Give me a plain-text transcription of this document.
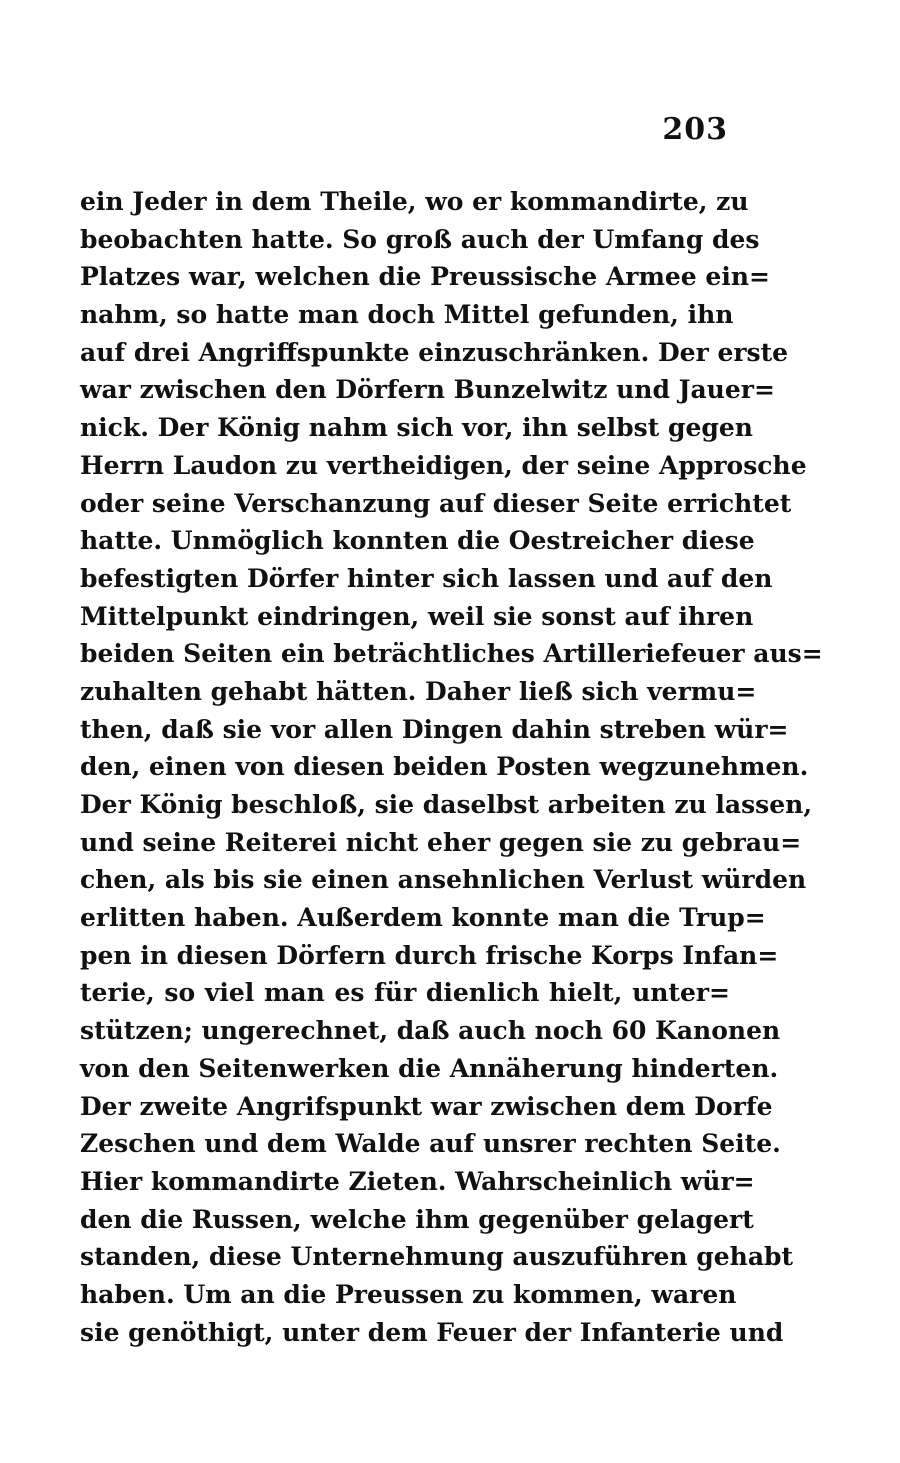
203
ein Jeder in dem Theile, wo er kommandirte, zu
beobachten hatte. So groß auch der Umfang des
Platzes war, welchen die Preussische Armee ein=
nahm, so hatte man doch Mittel gefunden, ihn
auf drei Angriffspunkte einzuschränken. Der erste
war zwischen den Dörfern Bunzelwitz und Jauer=
nick. Der König nahm sich vor, ihn selbst gegen
Herrn Laudon zu vertheidigen, der seine Approsche
oder seine Verschanzung auf dieser Seite errichtet
hatte. Unmöglich konnten die Oestreicher diese
befestigten Dörfer hinter sich lassen und auf den
Mittelpunkt eindringen, weil sie sonst auf ihren
beiden Seiten ein beträchtliches Artilleriefeuer aus=
zuhalten gehabt hätten. Daher ließ sich vermu=
then, daß sie vor allen Dingen dahin streben wür=
den, einen von diesen beiden Posten wegzunehmen.
Der König beschloß, sie daselbst arbeiten zu lassen,
und seine Reiterei nicht eher gegen sie zu gebrau=
chen, als bis sie einen ansehnlichen Verlust würden
erlitten haben. Außerdem konnte man die Trup=
pen in diesen Dörfern durch frische Korps Infan=
terie, so viel man es für dienlich hielt, unter=
stützen; ungerechnet, daß auch noch 60 Kanonen
von den Seitenwerken die Annäherung hinderten.
Der zweite Angrifspunkt war zwischen dem Dorfe
Zeschen und dem Walde auf unsrer rechten Seite.
Hier kommandirte Zieten. Wahrscheinlich wür=
den die Russen, welche ihm gegenüber gelagert
standen, diese Unternehmung auszuführen gehabt
haben. Um an die Preussen zu kommen, waren
sie genöthigt, unter dem Feuer der Infanterie und
